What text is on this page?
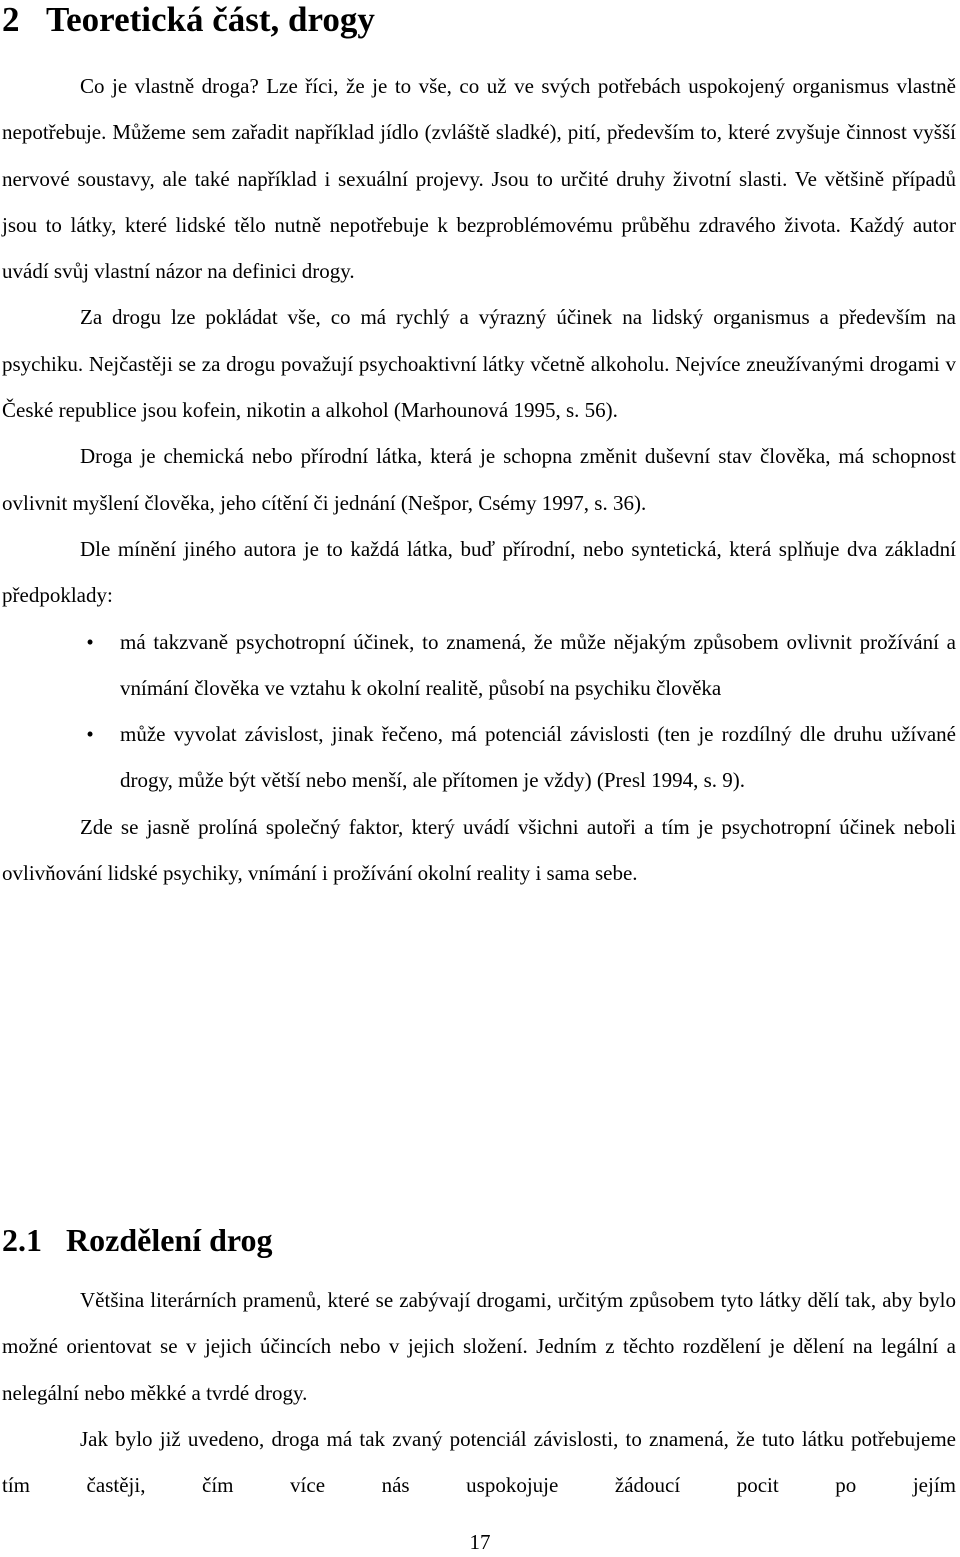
2 Teoretická část, drogy

Co je vlastně droga? Lze říci, že je to vše, co už ve svých potřebách uspokojený organismus vlastně nepotřebuje. Můžeme sem zařadit například jídlo (zvláště sladké), pití, především to, které zvyšuje činnost vyšší nervové soustavy, ale také například i sexuální projevy. Jsou to určité druhy životní slasti. Ve většině případů jsou to látky, které lidské tělo nutně nepotřebuje k bezproblémovému průběhu zdravého života. Každý autor uvádí svůj vlastní názor na definici drogy.

Za drogu lze pokládat vše, co má rychlý a výrazný účinek na lidský organismus a především na psychiku. Nejčastěji se za drogu považují psychoaktivní látky včetně alkoholu. Nejvíce zneužívanými drogami v České republice jsou kofein, nikotin a alkohol (Marhounová 1995, s. 56).

Droga je chemická nebo přírodní látka, která je schopna změnit duševní stav člověka, má schopnost ovlivnit myšlení člověka, jeho cítění či jednání (Nešpor, Csémy 1997, s. 36).

Dle mínění jiného autora je to každá látka, buď přírodní, nebo syntetická, která splňuje dva základní předpoklady:

•	má takzvaně psychotropní účinek, to znamená, že může nějakým způsobem ovlivnit prožívání a vnímání člověka ve vztahu k okolní realitě, působí na psychiku člověka
•	může vyvolat závislost, jinak řečeno, má potenciál závislosti (ten je rozdílný dle druhu užívané drogy, může být větší nebo menší, ale přítomen je vždy) (Presl 1994, s. 9).

Zde se jasně prolíná společný faktor, který uvádí všichni autoři a tím je psychotropní účinek neboli ovlivňování lidské psychiky, vnímání i prožívání okolní reality i sama sebe.

2.1 Rozdělení drog

Většina literárních pramenů, které se zabývají drogami, určitým způsobem tyto látky dělí tak, aby bylo možné orientovat se v jejich účincích nebo v jejich složení. Jedním z těchto rozdělení je dělení na legální a nelegální nebo měkké a tvrdé drogy.

Jak bylo již uvedeno, droga má tak zvaný potenciál závislosti, to znamená, že tuto látku potřebujeme tím častěji, čím více nás uspokojuje žádoucí pocit po jejím

17
